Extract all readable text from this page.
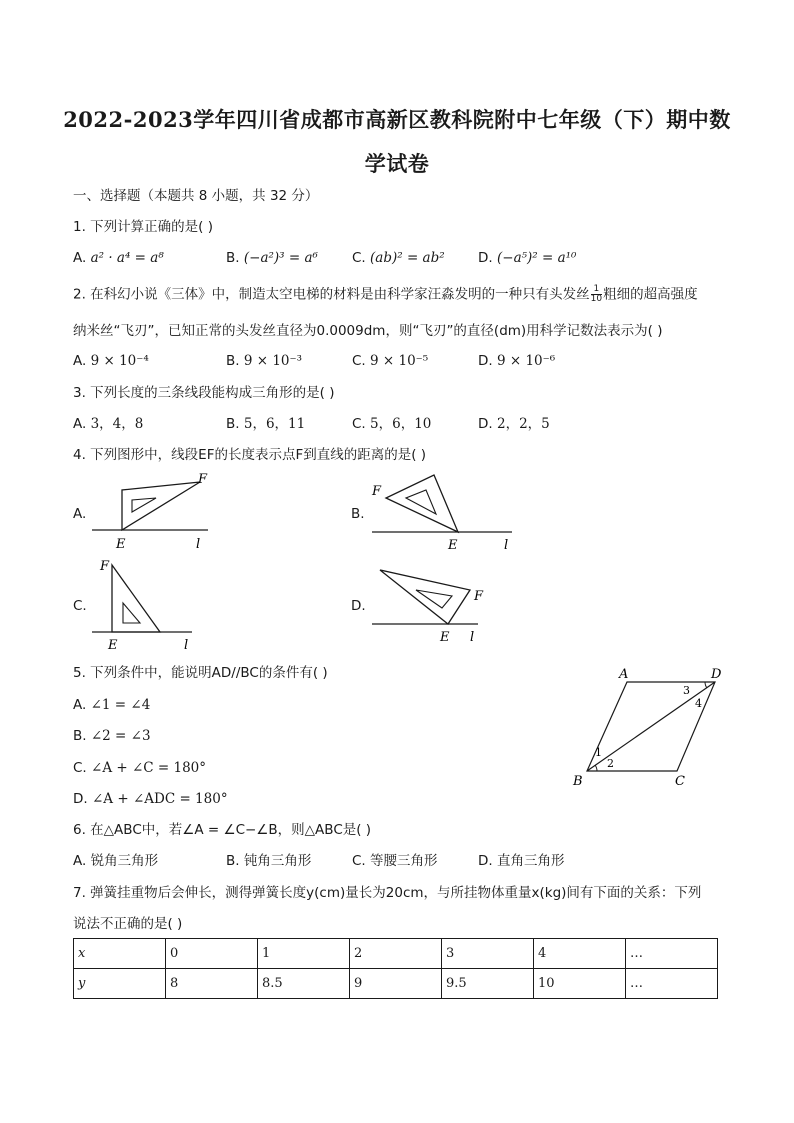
2022-2023学年四川省成都市高新区教科院附中七年级（下）期中数
学试卷
一、选择题（本题共 8 小题，共 32 分）
1. 下列计算正确的是( )
A. a² · a⁴ = a⁸	B. (−a²)³ = a⁶	C. (ab)² = ab² D. (−a⁵)² = a¹⁰
2. 在科幻小说《三体》中，制造太空电梯的材料是由科学家汪淼发明的一种只有头发丝 $\frac{1}{10}$ 粗细的超高强度
纳米丝“飞刃”，已知正常的头发丝直径为0.0009dm，则“飞刃”的直径(dm)用科学记数法表示为( )
A. 9 × 10⁻⁴	B. 9 × 10⁻³	C. 9 × 10⁻⁵	D. 9 × 10⁻⁶
3. 下列长度的三条线段能构成三角形的是( )
A. 3，4，8	B. 5，6，11	C. 5，6，10	D. 2，2，5
4. 下列图形中，线段EF的长度表示点F到直线的距离的是( )
A.
E
F
l
B.
F
E	l
C.
F
E	l
D.
E
F
l
5. 下列条件中，能说明AD//BC的条件有( )
A. ∠1 = ∠4
B. ∠2 = ∠3
C. ∠A + ∠C = 180°
D. ∠A + ∠ADC = 180°
A	D
B	C
1
2
3
4
6. 在△ABC中，若∠A = ∠C−∠B，则△ABC是( )
A. 锐角三角形	B. 钝角三角形	C. 等腰三角形	D. 直角三角形
7. 弹簧挂重物后会伸长，测得弹簧长度y(cm)量长为20cm，与所挂物体重量x(kg)间有下面的关系：下列
说法不正确的是( )
x	0	1	2	3	4	…
y	8	8.5	9	9.5	10	…
